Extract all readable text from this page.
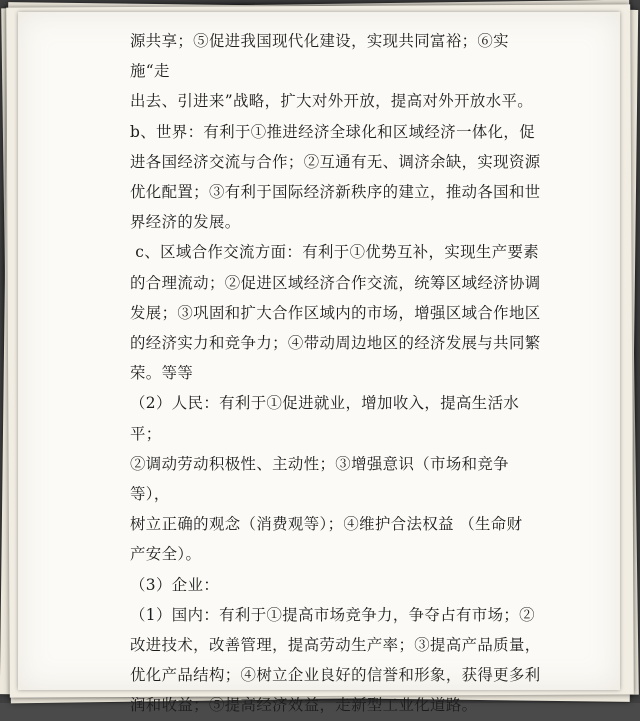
源共享；⑤促进我国现代化建设，实现共同富裕；⑥实施“走

出去、引进来”战略，扩大对外开放，提高对外开放水平。

b、世界：有利于①推进经济全球化和区域经济一体化，促

进各国经济交流与合作；②互通有无、调济余缺，实现资源

优化配置；③有利于国际经济新秩序的建立，推动各国和世

界经济的发展。

c、区域合作交流方面：有利于①优势互补，实现生产要素

的合理流动；②促进区域经济合作交流，统筹区域经济协调

发展；③巩固和扩大合作区域内的市场，增强区域合作地区

的经济实力和竞争力；④带动周边地区的经济发展与共同繁

荣。等等

（2）人民：有利于①促进就业，增加收入，提高生活水平；

②调动劳动积极性、主动性；③增强意识（市场和竞争等），

树立正确的观念（消费观等）；④维护合法权益 （生命财

产安全）。

（3）企业：

（1）国内：有利于①提高市场竞争力，争夺占有市场；②

改进技术，改善管理，提高劳动生产率；③提高产品质量，

优化产品结构；④树立企业良好的信誉和形象，获得更多利

润和收益；⑤提高经济效益，走新型工业化道路。
